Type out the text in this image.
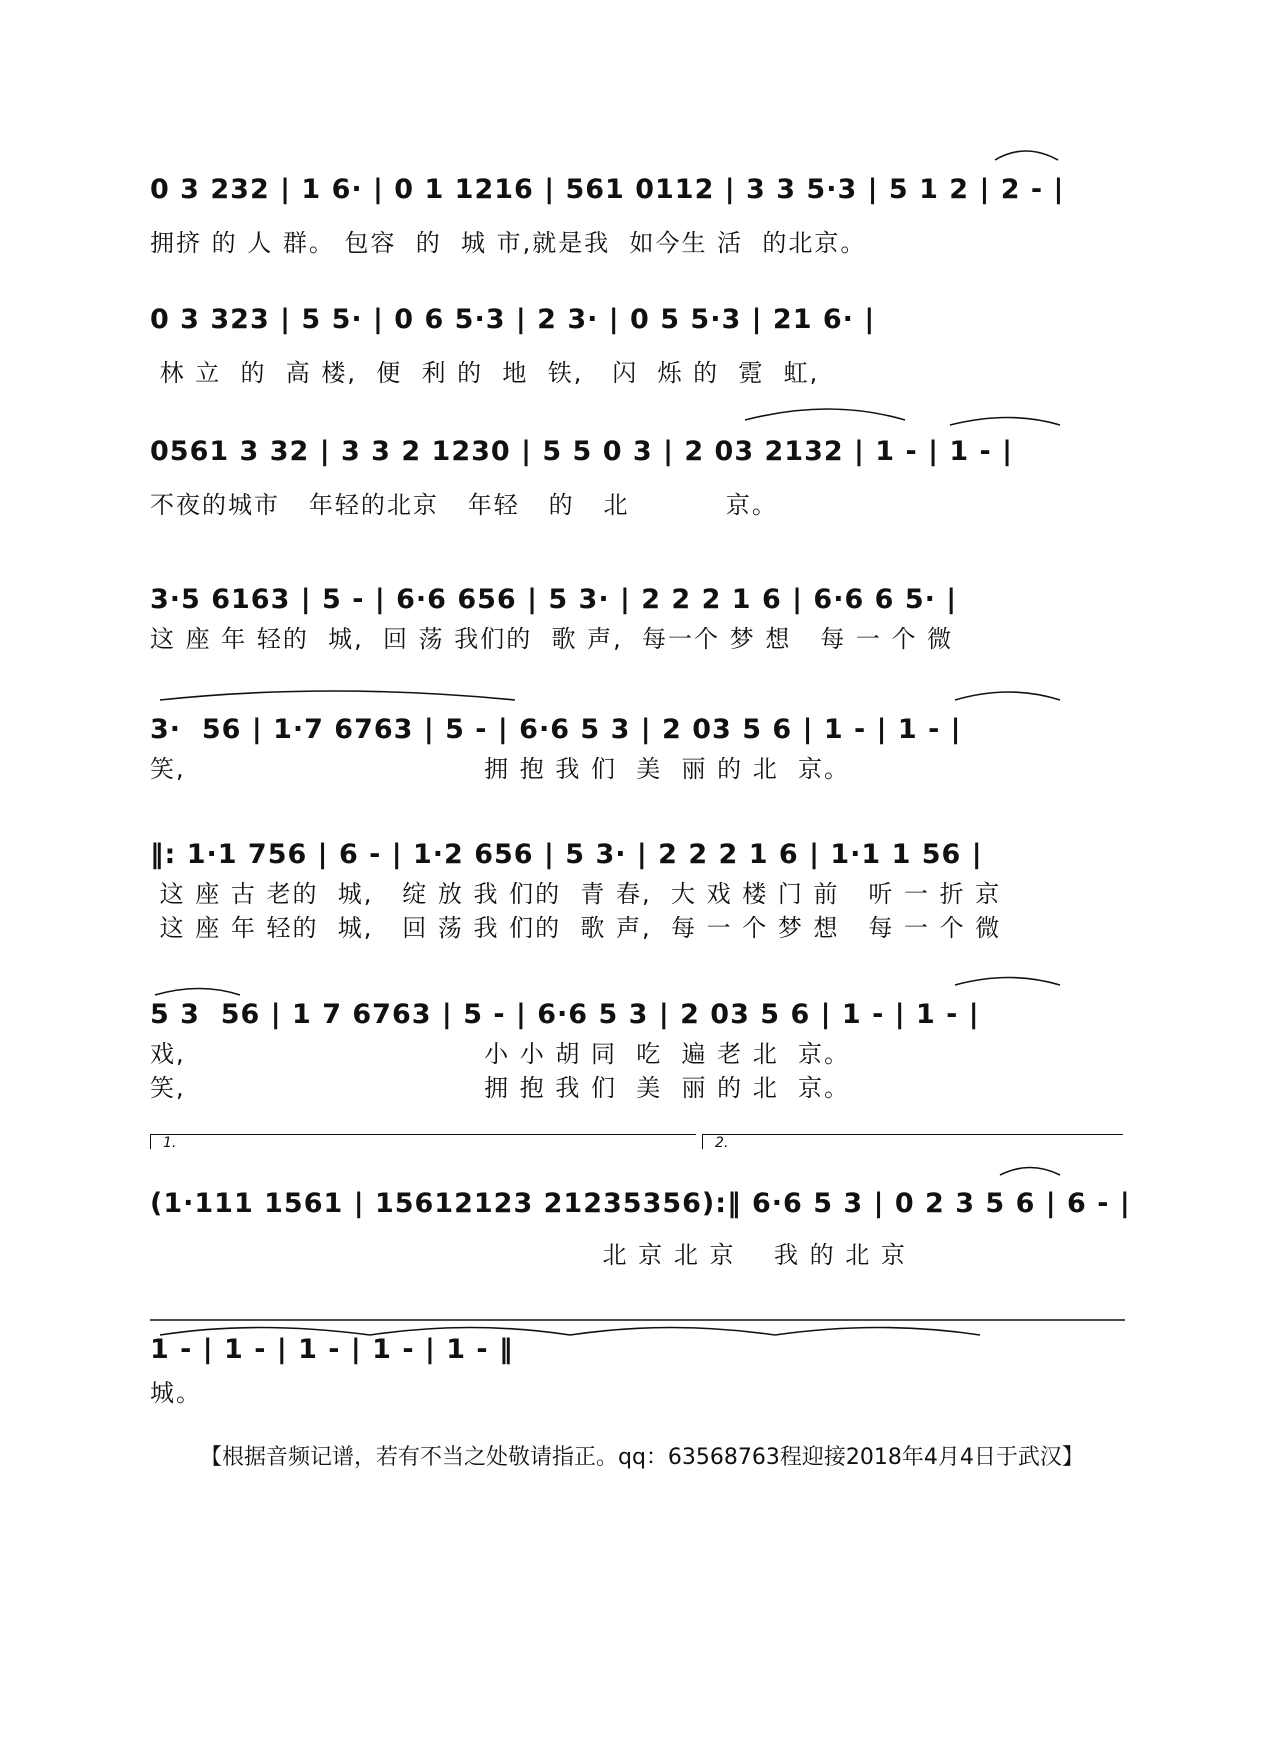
0 3 232 | 1 6· | 0 1 1216 | 561 0112 | 3 3 5·3 | 5 1 2 | 2 - |
拥挤 的 人 群。 包容  的  城 市,就是我  如今生 活  的北京。
0 3 323 | 5 5· | 0 6 5·3 | 2 3· | 0 5 5·3 | 21 6· |
林 立  的  高 楼,  便  利 的  地  铁,   闪  烁 的  霓  虹,
0561 3 32 | 3 3 2 1230 | 5 5 0 3 | 2 03 2132 | 1 - | 1 - |
不夜的城市   年轻的北京   年轻   的   北          京。
3·5 6163 | 5 - | 6·6 656 | 5 3· | 2 2 2 1 6 | 6·6 6 5· |
这 座 年 轻的  城,  回 荡 我们的  歌 声,  每一个 梦 想   每 一 个 微
3·  56 | 1·7 6763 | 5 - | 6·6 5 3 | 2 03 5 6 | 1 - | 1 - |
笑,                               拥 抱 我 们  美  丽 的 北  京。
‖: 1·1 756 | 6 - | 1·2 656 | 5 3· | 2 2 2 1 6 | 1·1 1 56 |
这 座 古 老的  城,   绽 放 我 们的  青 春,  大 戏 楼 门 前   听 一 折 京
这 座 年 轻的  城,   回 荡 我 们的  歌 声,  每 一 个 梦 想   每 一 个 微
5 3  56 | 1 7 6763 | 5 - | 6·6 5 3 | 2 03 5 6 | 1 - | 1 - |
戏,                               小 小 胡 同  吃  遍 老 北  京。
笑,                               拥 抱 我 们  美  丽 的 北  京。
1.	2.
(1·111 1561 | 15612123 21235356):‖ 6·6 5 3 | 0 2 3 5 6 | 6 - |
北 京 北 京    我 的 北 京
1 - | 1 - | 1 - | 1 - | 1 - ‖
城。
【根据音频记谱，若有不当之处敬请指正。qq：63568763程迎接2018年4月4日于武汉】
